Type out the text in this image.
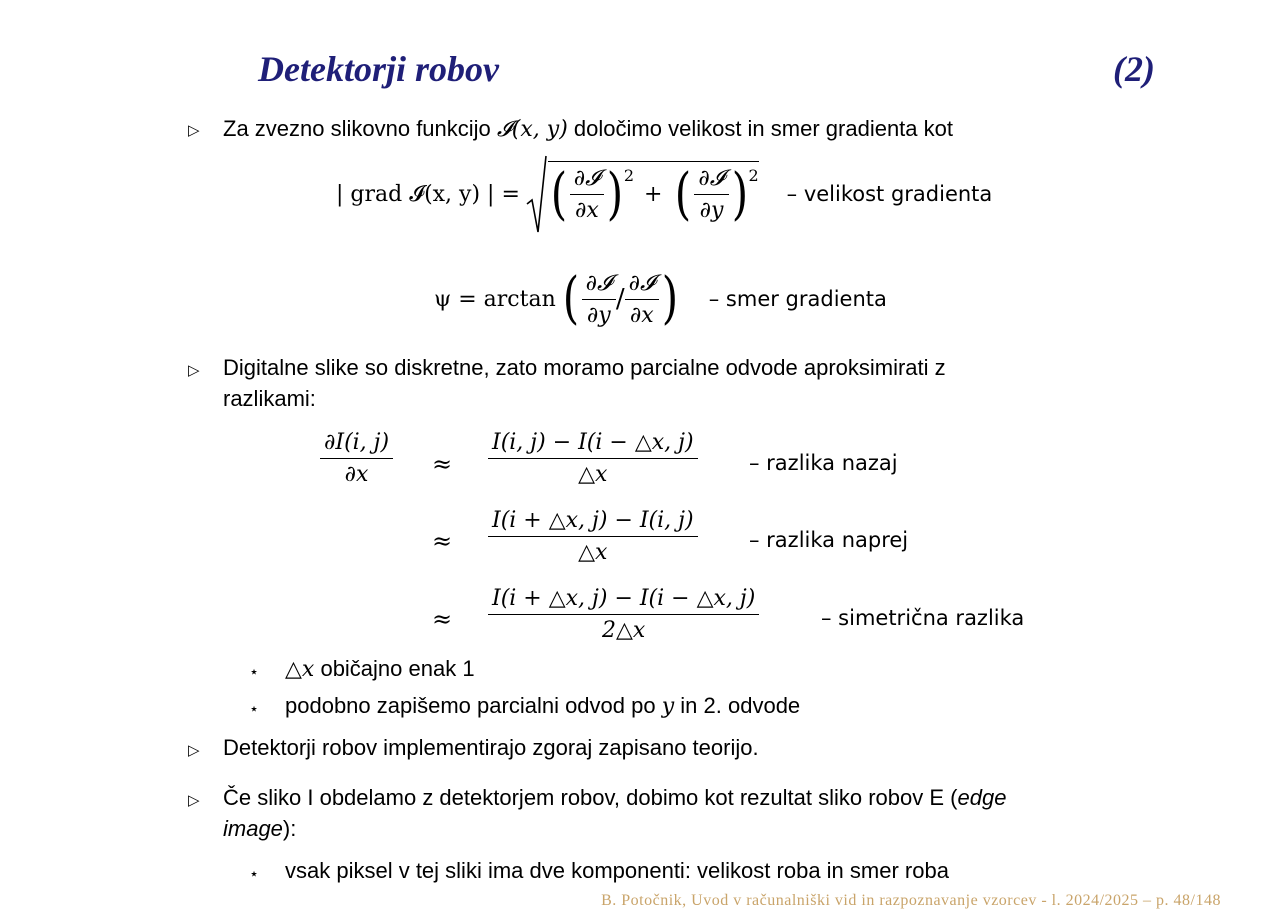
Detektorji robov	(2)
▷ Za zvezno slikovno funkcijo 𝓘(x, y) določimo velikost in smer gradienta kot
| grad 𝓘(x, y) | = ( $\frac{\text{∂𝓘}}{\partial x} )^2$
+ ( $\frac{\text{∂𝓘}}{\partial y} )^2$
– velikost gradienta
ψ = arctan ( $\frac{\text{∂𝓘}}{\partial y} / \frac{\text{∂𝓘}}{\partial x}$ ) – smer gradienta
▷ Digitalne slike so diskretne, zato moramo parcialne odvode aproksimirati z
razlikami:
$\frac{\partial I(i, j)}{\partial x} \approx \frac{I(i, j) - I(i - \triangle x, j)}{\triangle x}$ – razlika nazaj
≈ $\frac{I(i + \triangle x, j) - I(i, j)}{\triangle x}$ – razlika naprej
≈ $\frac{I(i + \triangle x, j) - I(i - \triangle x, j)}{2\triangle x}$	– simetrična razlika
⋆ △x običajno enak 1
⋆ podobno zapišemo parcialni odvod po y in 2. odvode
▷ Detektorji robov implementirajo zgoraj zapisano teorijo.
▷ Če sliko I obdelamo z detektorjem robov, dobimo kot rezultat sliko robov E (edge
image):
⋆ vsak piksel v tej sliki ima dve komponenti: velikost roba in smer roba
B. Potočnik, Uvod v računalniški vid in razpoznavanje vzorcev - l. 2024/2025 – p. 48/148
